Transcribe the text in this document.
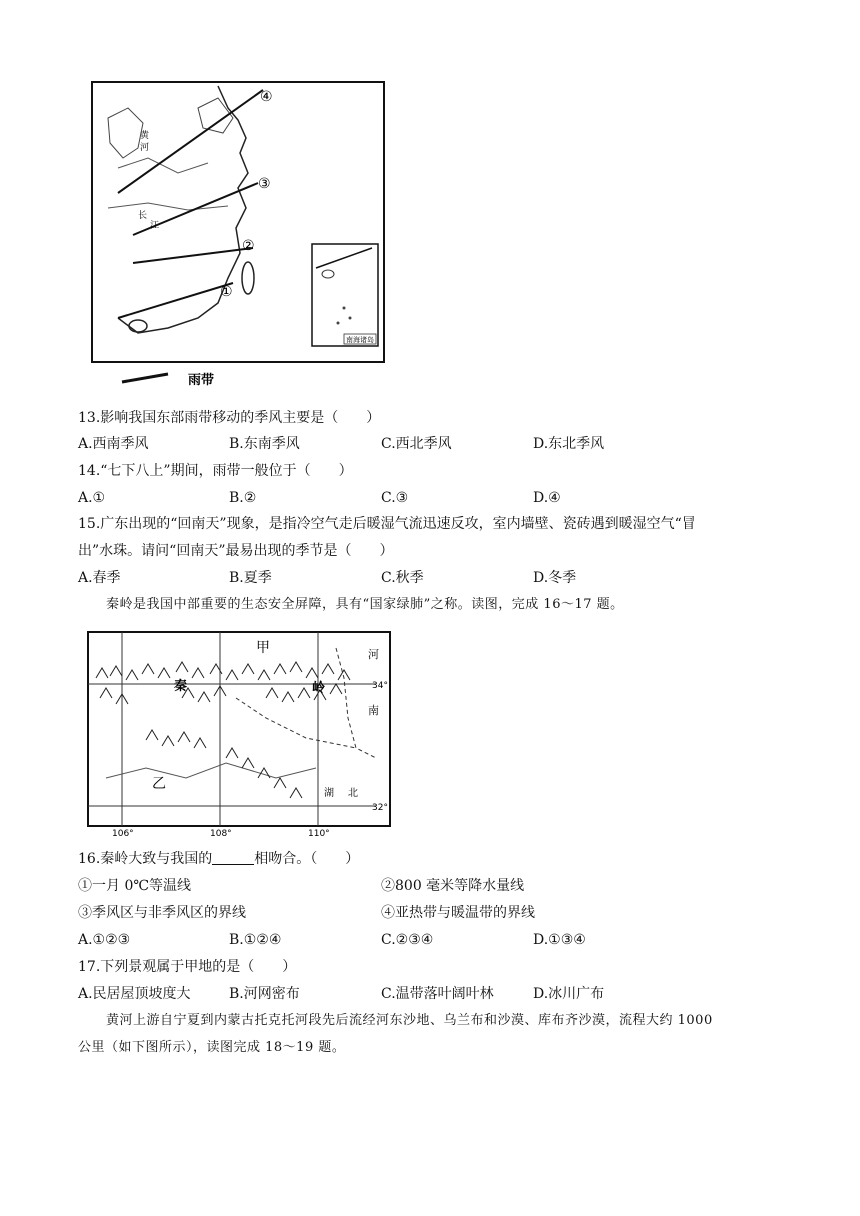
④
③
②
①
黄
河
长
江
南海诸岛
雨带
13.影响我国东部雨带移动的季风主要是（　　）
A.西南季风	B.东南季风	C.西北季风	D.东北季风
14.“七下八上”期间，雨带一般位于（　　）
A.①	B.②	C.③	D.④
15.广东出现的“回南天”现象，是指冷空气走后暖湿气流迅速反攻，室内墙壁、瓷砖遇到暖湿空气“冒
出”水珠。请问“回南天”最易出现的季节是（　　）
A.春季	B.夏季	C.秋季	D.冬季
秦岭是我国中部重要的生态安全屏障，具有“国家绿肺”之称。读图，完成 16～17 题。
甲
秦	岭
乙
河
南
湖 北
34°
32°
106°	108°	110°
16.秦岭大致与我国的	相吻合。（　　）
①一月 0℃等温线	②800 毫米等降水量线
③季风区与非季风区的界线	④亚热带与暖温带的界线
A.①②③	B.①②④	C.②③④	D.①③④
17.下列景观属于甲地的是（　　）
A.民居屋顶坡度大	B.河网密布	C.温带落叶阔叶林	D.冰川广布
黄河上游自宁夏到内蒙古托克托河段先后流经河东沙地、乌兰布和沙漠、库布齐沙漠，流程大约 1000
公里（如下图所示），读图完成 18～19 题。
